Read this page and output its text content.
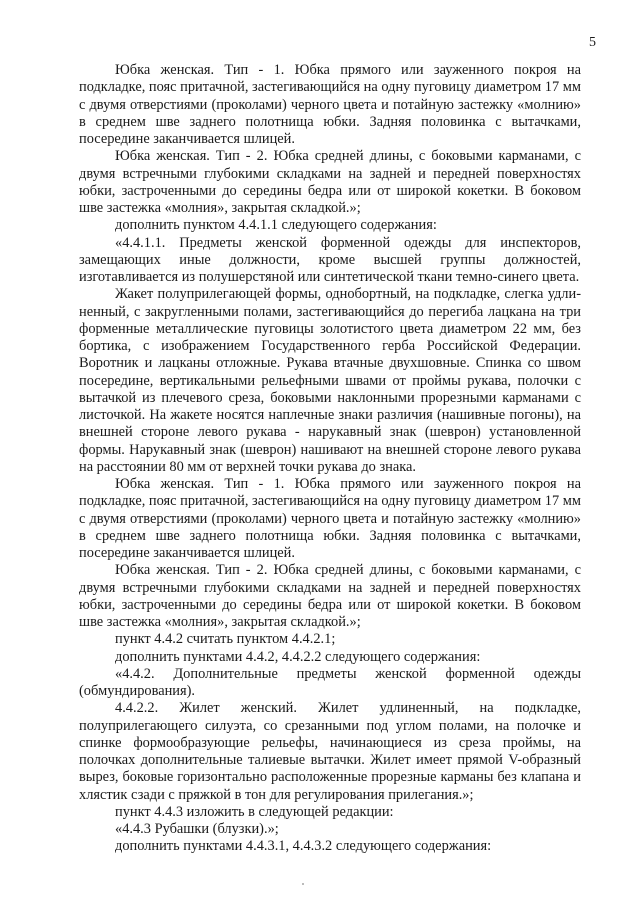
5

Юбка женская. Тип - 1. Юбка прямого или зауженного покроя на подкладке, пояс притачной, застегивающийся на одну пуговицу диаметром 17 мм с двумя отверстиями (проколами) черного цвета и потайную застежку «молнию» в среднем шве заднего полотнища юбки. Задняя половинка с вытачками, посередине заканчивается шлицей.

Юбка женская. Тип - 2. Юбка средней длины, с боковыми карманами, с двумя встречными глубокими складками на задней и передней поверхностях юбки, застроченными до середины бедра или от широкой кокетки. В боковом шве застежка «молния», закрытая складкой.»;

дополнить пунктом 4.4.1.1 следующего содержания:

«4.4.1.1. Предметы женской форменной одежды для инспекторов, замещающих иные должности, кроме высшей группы должностей, изготавливается из полушерстяной или синтетической ткани темно-синего цвета.

Жакет полуприлегающей формы, однобортный, на подкладке, слегка удлиненный, с закругленными полами, застегивающийся до перегиба лацкана на три форменные металлические пуговицы золотистого цвета диаметром 22 мм, без бортика, с изображением Государственного герба Российской Федерации. Воротник и лацканы отложные. Рукава втачные двухшовные. Спинка со швом посередине, вертикальными рельефными швами от проймы рукава, полочки с вытачкой из плечевого среза, боковыми наклонными прорезными карманами с листочкой. На жакете носятся наплечные знаки различия (нашивные погоны), на внешней стороне левого рукава - нарукавный знак (шеврон) установленной формы. Нарукавный знак (шеврон) нашивают на внешней стороне левого рукава на расстоянии 80 мм от верхней точки рукава до знака.

Юбка женская. Тип - 1. Юбка прямого или зауженного покроя на подкладке, пояс притачной, застегивающийся на одну пуговицу диаметром 17 мм с двумя отверстиями (проколами) черного цвета и потайную застежку «молнию» в среднем шве заднего полотнища юбки. Задняя половинка с вытачками, посередине заканчивается шлицей.

Юбка женская. Тип - 2. Юбка средней длины, с боковыми карманами, с двумя встречными глубокими складками на задней и передней поверхностях юбки, застроченными до середины бедра или от широкой кокетки. В боковом шве застежка «молния», закрытая складкой.»;

пункт 4.4.2 считать пунктом 4.4.2.1;

дополнить пунктами 4.4.2, 4.4.2.2 следующего содержания:

«4.4.2. Дополнительные предметы женской форменной одежды (обмундирования).

4.4.2.2. Жилет женский. Жилет удлиненный, на подкладке, полуприлегающего силуэта, со срезанными под углом полами, на полочке и спинке формообразующие рельефы, начинающиеся из среза проймы, на полочках дополнительные талиевые вытачки. Жилет имеет прямой V-образный вырез, боковые горизонтально расположенные прорезные карманы без клапана и хлястик сзади с пряжкой в тон для регулирования прилегания.»;

пункт 4.4.3 изложить в следующей редакции:

«4.4.3 Рубашки (блузки).»;

дополнить пунктами 4.4.3.1, 4.4.3.2 следующего содержания:
